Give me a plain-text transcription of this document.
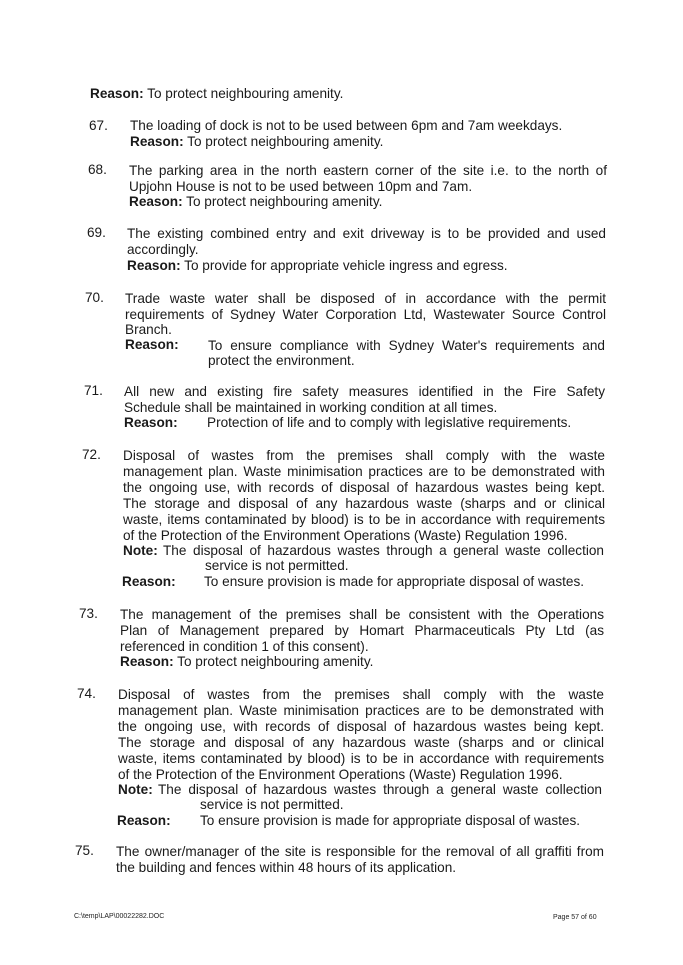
Reason: To protect neighbouring amenity.
67. The loading of dock is not to be used between 6pm and 7am weekdays.
Reason: To protect neighbouring amenity.
68. The parking area in the north eastern corner of the site i.e. to the north of
Upjohn House is not to be used between 10pm and 7am.
Reason: To protect neighbouring amenity.
69. The existing combined entry and exit driveway is to be provided and used
accordingly.
Reason: To provide for appropriate vehicle ingress and egress.
70. Trade waste water shall be disposed of in accordance with the permit
requirements of Sydney Water Corporation Ltd, Wastewater Source Control
Branch.
Reason: To ensure compliance with Sydney Water's requirements and
protect the environment.
71. All new and existing fire safety measures identified in the Fire Safety
Schedule shall be maintained in working condition at all times.
Reason: Protection of life and to comply with legislative requirements.
72. Disposal of wastes from the premises shall comply with the waste
management plan. Waste minimisation practices are to be demonstrated with
the ongoing use, with records of disposal of hazardous wastes being kept.
The storage and disposal of any hazardous waste (sharps and or clinical
waste, items contaminated by blood) is to be in accordance with requirements
of the Protection of the Environment Operations (Waste) Regulation 1996.
Note: The disposal of hazardous wastes through a general waste collection
service is not permitted.
Reason: To ensure provision is made for appropriate disposal of wastes.
73. The management of the premises shall be consistent with the Operations
Plan of Management prepared by Homart Pharmaceuticals Pty Ltd (as
referenced in condition 1 of this consent).
Reason: To protect neighbouring amenity.
74. Disposal of wastes from the premises shall comply with the waste
management plan. Waste minimisation practices are to be demonstrated with
the ongoing use, with records of disposal of hazardous wastes being kept.
The storage and disposal of any hazardous waste (sharps and or clinical
waste, items contaminated by blood) is to be in accordance with requirements
of the Protection of the Environment Operations (Waste) Regulation 1996.
Note: The disposal of hazardous wastes through a general waste collection
service is not permitted.
Reason: To ensure provision is made for appropriate disposal of wastes.
75. The owner/manager of the site is responsible for the removal of all graffiti from
the building and fences within 48 hours of its application.
C:\temp\LAP\00022282.DOC	Page 57 of 60
